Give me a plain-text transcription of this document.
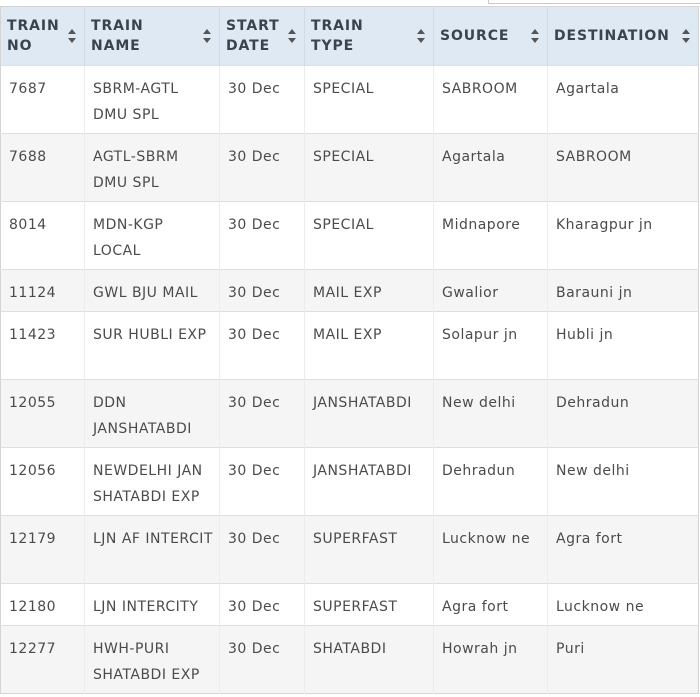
TRAIN NO	TRAIN NAME	START DATE	TRAIN TYPE	SOURCE	DESTINATION

7687	SBRM-AGTL DMU SPL	30 Dec	SPECIAL	SABROOM	Agartala
7688	AGTL-SBRM DMU SPL	30 Dec	SPECIAL	Agartala	SABROOM
8014	MDN-KGP LOCAL	30 Dec	SPECIAL	Midnapore	Kharagpur jn
11124	GWL BJU MAIL	30 Dec	MAIL EXP	Gwalior	Barauni jn
11423	SUR HUBLI EXP	30 Dec	MAIL EXP	Solapur jn	Hubli jn
12055	DDN JANSHATABDI	30 Dec	JANSHATABDI	New delhi	Dehradun
12056	NEWDELHI JAN SHATABDI EXP	30 Dec	JANSHATABDI	Dehradun	New delhi
12179	LJN AF INTERCIT	30 Dec	SUPERFAST	Lucknow ne	Agra fort
12180	LJN INTERCITY	30 Dec	SUPERFAST	Agra fort	Lucknow ne
12277	HWH-PURI SHATABDI EXP	30 Dec	SHATABDI	Howrah jn	Puri
